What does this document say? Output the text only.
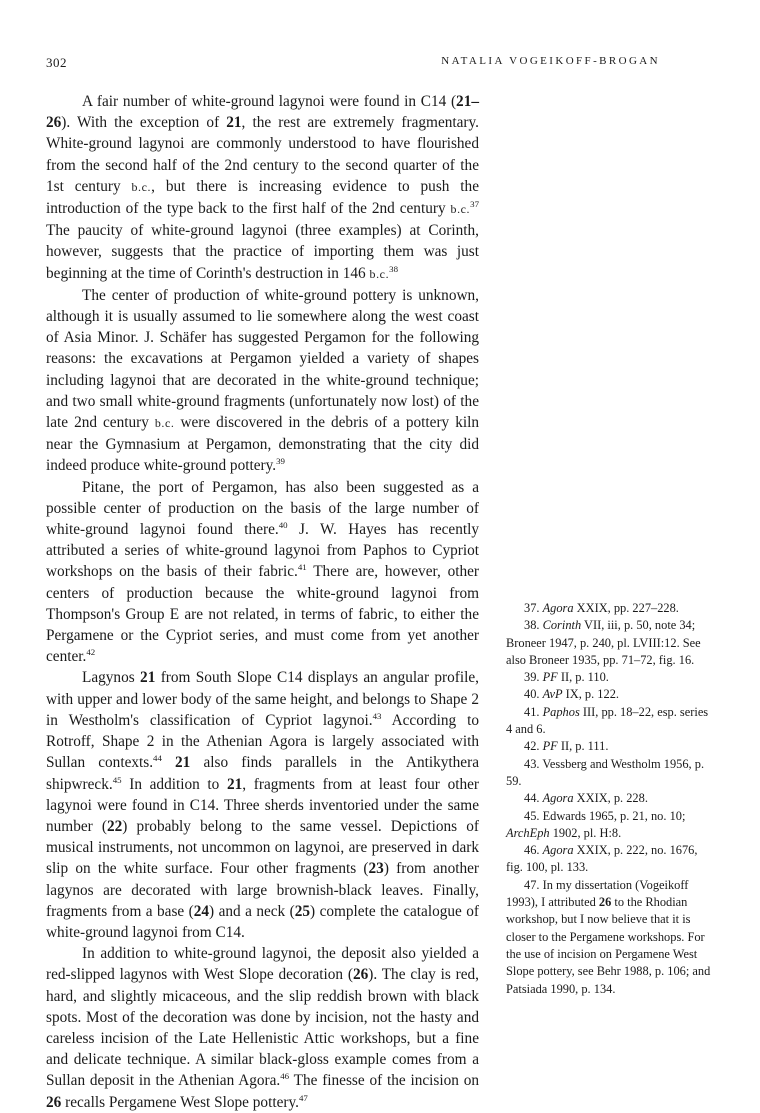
302	NATALIA VOGEIKOFF-BROGAN

A fair number of white-ground lagynoi were found in C14 (21–26). With the exception of 21, the rest are extremely fragmentary. White-ground lagynoi are commonly understood to have flourished from the second half of the 2nd century to the second quarter of the 1st century b.c., but there is increasing evidence to push the introduction of the type back to the first half of the 2nd century b.c.$^{37}$ The paucity of white-ground lagynoi (three examples) at Corinth, however, suggests that the practice of importing them was just beginning at the time of Corinth's destruction in 146 b.c.$^{38}$

The center of production of white-ground pottery is unknown, although it is usually assumed to lie somewhere along the west coast of Asia Minor. J. Schäfer has suggested Pergamon for the following reasons: the excavations at Pergamon yielded a variety of shapes including lagynoi that are decorated in the white-ground technique; and two small white-ground fragments (unfortunately now lost) of the late 2nd century b.c. were discovered in the debris of a pottery kiln near the Gymnasium at Pergamon, demonstrating that the city did indeed produce white-ground pottery.$^{39}$

Pitane, the port of Pergamon, has also been suggested as a possible center of production on the basis of the large number of white-ground lagynoi found there.$^{40}$ J. W. Hayes has recently attributed a series of white-ground lagynoi from Paphos to Cypriot workshops on the basis of their fabric.$^{41}$ There are, however, other centers of production because the white-ground lagynoi from Thompson's Group E are not related, in terms of fabric, to either the Pergamene or the Cypriot series, and must come from yet another center.$^{42}$

Lagynos 21 from South Slope C14 displays an angular profile, with upper and lower body of the same height, and belongs to Shape 2 in Westholm's classification of Cypriot lagynoi.$^{43}$ According to Rotroff, Shape 2 in the Athenian Agora is largely associated with Sullan contexts.$^{44}$ 21 also finds parallels in the Antikythera shipwreck.$^{45}$ In addition to 21, fragments from at least four other lagynoi were found in C14. Three sherds inventoried under the same number (22) probably belong to the same vessel. Depictions of musical instruments, not uncommon on lagynoi, are preserved in dark slip on the white surface. Four other fragments (23) from another lagynos are decorated with large brownish-black leaves. Finally, fragments from a base (24) and a neck (25) complete the catalogue of white-ground lagynoi from C14.

In addition to white-ground lagynoi, the deposit also yielded a red-slipped lagynos with West Slope decoration (26). The clay is red, hard, and slightly micaceous, and the slip reddish brown with black spots. Most of the decoration was done by incision, not the hasty and careless incision of the Late Hellenistic Attic workshops, but a fine and delicate technique. A similar black-gloss example comes from a Sullan deposit in the Athenian Agora.$^{46}$ The finesse of the incision on 26 recalls Pergamene West Slope pottery.$^{47}$

37. Agora XXIX, pp. 227–228.

38. Corinth VII, iii, p. 50, note 34; Broneer 1947, p. 240, pl. LVIII:12. See also Broneer 1935, pp. 71–72, fig. 16.

39. PF II, p. 110.

40. AvP IX, p. 122.

41. Paphos III, pp. 18–22, esp. series 4 and 6.

42. PF II, p. 111.

43. Vessberg and Westholm 1956, p. 59.

44. Agora XXIX, p. 228.

45. Edwards 1965, p. 21, no. 10; ArchEph 1902, pl. H:8.

46. Agora XXIX, p. 222, no. 1676, fig. 100, pl. 133.

47. In my dissertation (Vogeikoff 1993), I attributed 26 to the Rhodian workshop, but I now believe that it is closer to the Pergamene workshops. For the use of incision on Pergamene West Slope pottery, see Behr 1988, p. 106; and Patsiada 1990, p. 134.
